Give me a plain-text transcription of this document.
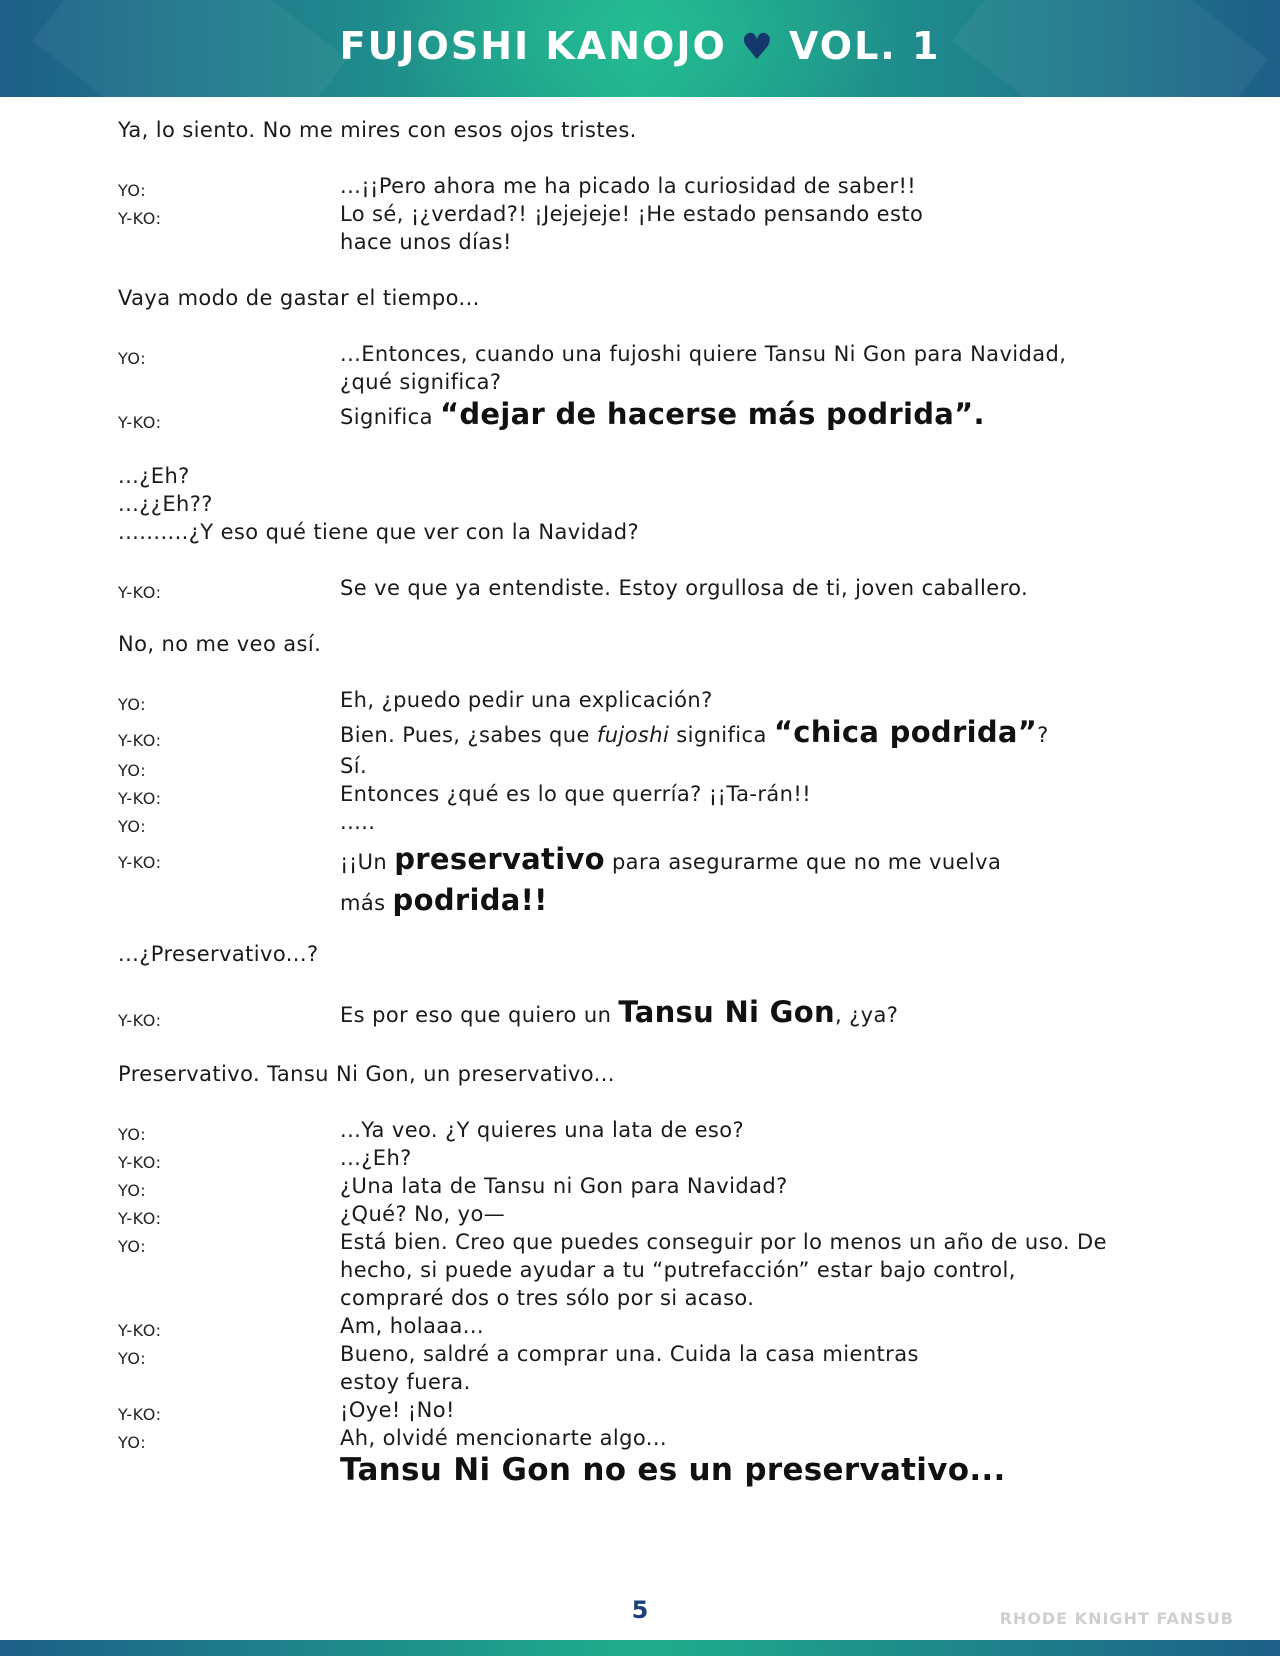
FUJOSHI KANOJO ♥ VOL. 1
Ya, lo siento. No me mires con esos ojos tristes.
YO:	...¡¡Pero ahora me ha picado la curiosidad de saber!!
Y-KO:	Lo sé, ¡¿verdad?! ¡Jejejeje! ¡He estado pensando esto
hace unos días!
Vaya modo de gastar el tiempo...
YO:	...Entonces, cuando una fujoshi quiere Tansu Ni Gon para Navidad,
¿qué significa?
Y-KO:	Significa “dejar de hacerse más podrida”.
...¿Eh?
...¿¿Eh??
..........¿Y eso qué tiene que ver con la Navidad?
Y-KO:	Se ve que ya entendiste. Estoy orgullosa de ti, joven caballero.
No, no me veo así.
YO:	Eh, ¿puedo pedir una explicación?
Y-KO:	Bien. Pues, ¿sabes que fujoshi significa “chica podrida”?
YO:	Sí.
Y-KO:	Entonces ¿qué es lo que querría? ¡¡Ta-rán!!
YO:	.....
Y-KO:	¡¡Un preservativo para asegurarme que no me vuelva
más podrida!!
...¿Preservativo...?
Y-KO:	Es por eso que quiero un Tansu Ni Gon, ¿ya?
Preservativo. Tansu Ni Gon, un preservativo...
YO:	...Ya veo. ¿Y quieres una lata de eso?
Y-KO:	...¿Eh?
YO:	¿Una lata de Tansu ni Gon para Navidad?
Y-KO:	¿Qué? No, yo—
YO:	Está bien. Creo que puedes conseguir por lo menos un año de uso. De
hecho, si puede ayudar a tu “putrefacción” estar bajo control,
compraré dos o tres sólo por si acaso.
Y-KO:	Am, holaaa...
YO:	Bueno, saldré a comprar una. Cuida la casa mientras
estoy fuera.
Y-KO:	¡Oye! ¡No!
YO:	Ah, olvidé mencionarte algo...
Tansu Ni Gon no es un preservativo...
5	RHODE KNIGHT FANSUB
